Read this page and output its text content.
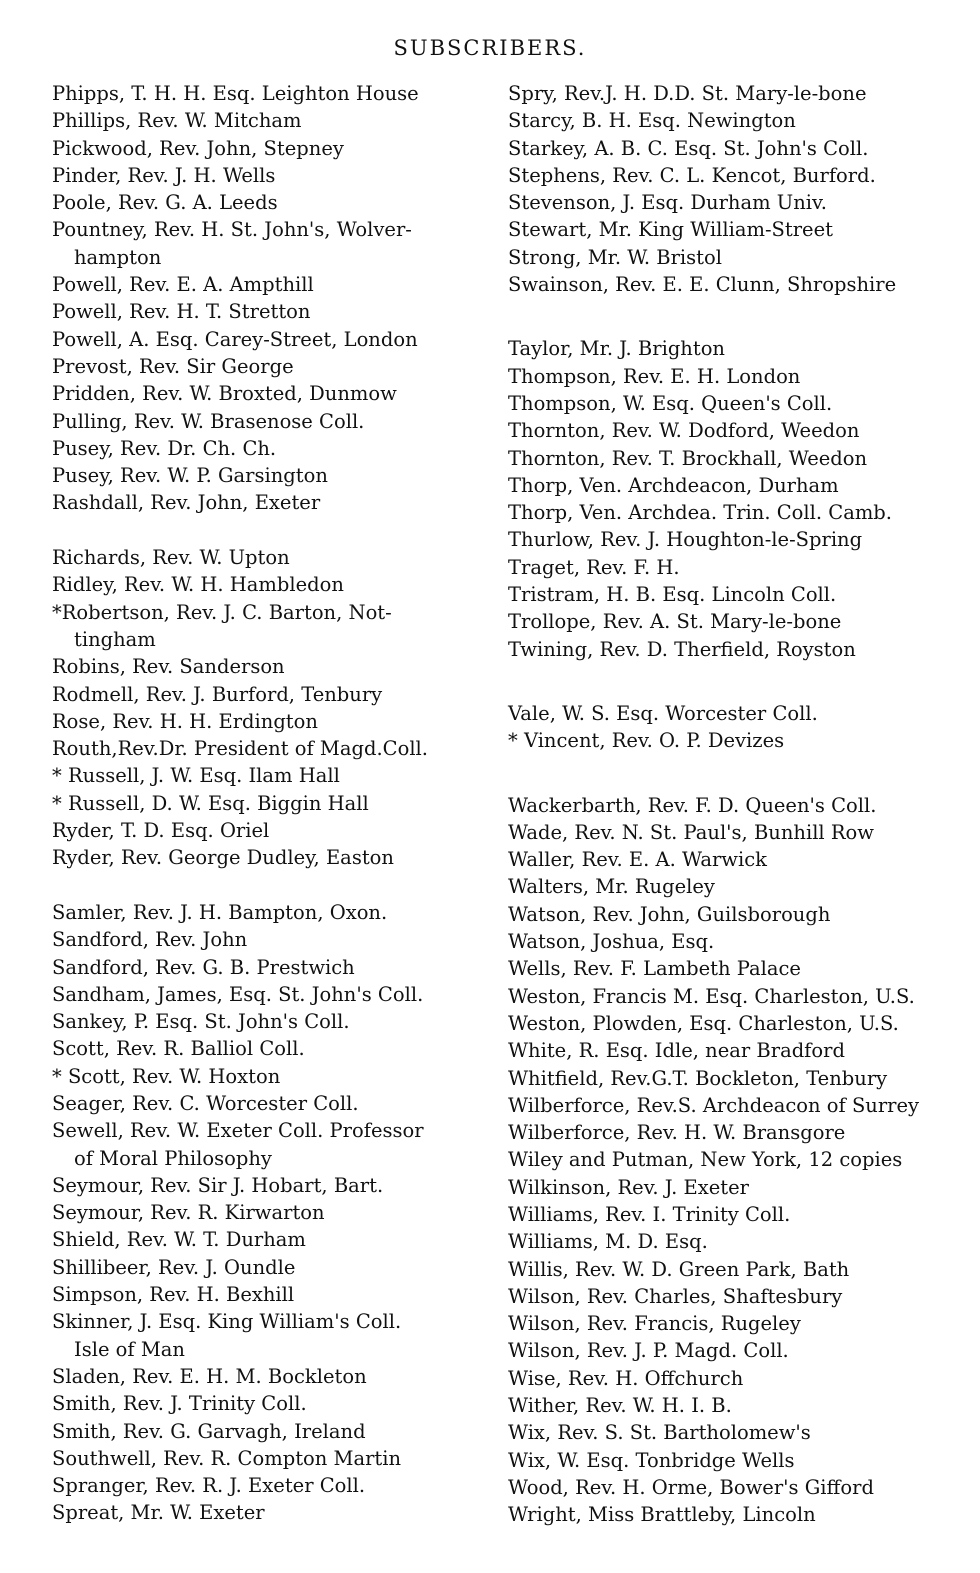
SUBSCRIBERS.
Phipps, T. H. H. Esq. Leighton House
Phillips, Rev. W. Mitcham
Pickwood, Rev. John, Stepney
Pinder, Rev. J. H. Wells
Poole, Rev. G. A. Leeds
Pountney, Rev. H. St. John's, Wolver-
hampton
Powell, Rev. E. A. Ampthill
Powell, Rev. H. T. Stretton
Powell, A. Esq. Carey-Street, London
Prevost, Rev. Sir George
Pridden, Rev. W. Broxted, Dunmow
Pulling, Rev. W. Brasenose Coll.
Pusey, Rev. Dr. Ch. Ch.
Pusey, Rev. W. P. Garsington
Rashdall, Rev. John, Exeter
Richards, Rev. W. Upton
Ridley, Rev. W. H. Hambledon
*Robertson, Rev. J. C. Barton, Not-
tingham
Robins, Rev. Sanderson
Rodmell, Rev. J. Burford, Tenbury
Rose, Rev. H. H. Erdington
Routh,Rev.Dr. President of Magd.Coll.
* Russell, J. W. Esq. Ilam Hall
* Russell, D. W. Esq. Biggin Hall
Ryder, T. D. Esq. Oriel
Ryder, Rev. George Dudley, Easton
Samler, Rev. J. H. Bampton, Oxon.
Sandford, Rev. John
Sandford, Rev. G. B. Prestwich
Sandham, James, Esq. St. John's Coll.
Sankey, P. Esq. St. John's Coll.
Scott, Rev. R. Balliol Coll.
* Scott, Rev. W. Hoxton
Seager, Rev. C. Worcester Coll.
Sewell, Rev. W. Exeter Coll. Professor
of Moral Philosophy
Seymour, Rev. Sir J. Hobart, Bart.
Seymour, Rev. R. Kirwarton
Shield, Rev. W. T. Durham
Shillibeer, Rev. J. Oundle
Simpson, Rev. H. Bexhill
Skinner, J. Esq. King William's Coll.
Isle of Man
Sladen, Rev. E. H. M. Bockleton
Smith, Rev. J. Trinity Coll.
Smith, Rev. G. Garvagh, Ireland
Southwell, Rev. R. Compton Martin
Spranger, Rev. R. J. Exeter Coll.
Spreat, Mr. W. Exeter
Spry, Rev.J. H. D.D. St. Mary-le-bone
Starcy, B. H. Esq. Newington
Starkey, A. B. C. Esq. St. John's Coll.
Stephens, Rev. C. L. Kencot, Burford.
Stevenson, J. Esq. Durham Univ.
Stewart, Mr. King William-Street
Strong, Mr. W. Bristol
Swainson, Rev. E. E. Clunn, Shropshire
Taylor, Mr. J. Brighton
Thompson, Rev. E. H. London
Thompson, W. Esq. Queen's Coll.
Thornton, Rev. W. Dodford, Weedon
Thornton, Rev. T. Brockhall, Weedon
Thorp, Ven. Archdeacon, Durham
Thorp, Ven. Archdea. Trin. Coll. Camb.
Thurlow, Rev. J. Houghton-le-Spring
Traget, Rev. F. H.
Tristram, H. B. Esq. Lincoln Coll.
Trollope, Rev. A. St. Mary-le-bone
Twining, Rev. D. Therfield, Royston
Vale, W. S. Esq. Worcester Coll.
* Vincent, Rev. O. P. Devizes
Wackerbarth, Rev. F. D. Queen's Coll.
Wade, Rev. N. St. Paul's, Bunhill Row
Waller, Rev. E. A. Warwick
Walters, Mr. Rugeley
Watson, Rev. John, Guilsborough
Watson, Joshua, Esq.
Wells, Rev. F. Lambeth Palace
Weston, Francis M. Esq. Charleston, U.S.
Weston, Plowden, Esq. Charleston, U.S.
White, R. Esq. Idle, near Bradford
Whitfield, Rev.G.T. Bockleton, Tenbury
Wilberforce, Rev.S. Archdeacon of Surrey
Wilberforce, Rev. H. W. Bransgore
Wiley and Putman, New York, 12 copies
Wilkinson, Rev. J. Exeter
Williams, Rev. I. Trinity Coll.
Williams, M. D. Esq.
Willis, Rev. W. D. Green Park, Bath
Wilson, Rev. Charles, Shaftesbury
Wilson, Rev. Francis, Rugeley
Wilson, Rev. J. P. Magd. Coll.
Wise, Rev. H. Offchurch
Wither, Rev. W. H. I. B.
Wix, Rev. S. St. Bartholomew's
Wix, W. Esq. Tonbridge Wells
Wood, Rev. H. Orme, Bower's Gifford
Wright, Miss Brattleby, Lincoln
